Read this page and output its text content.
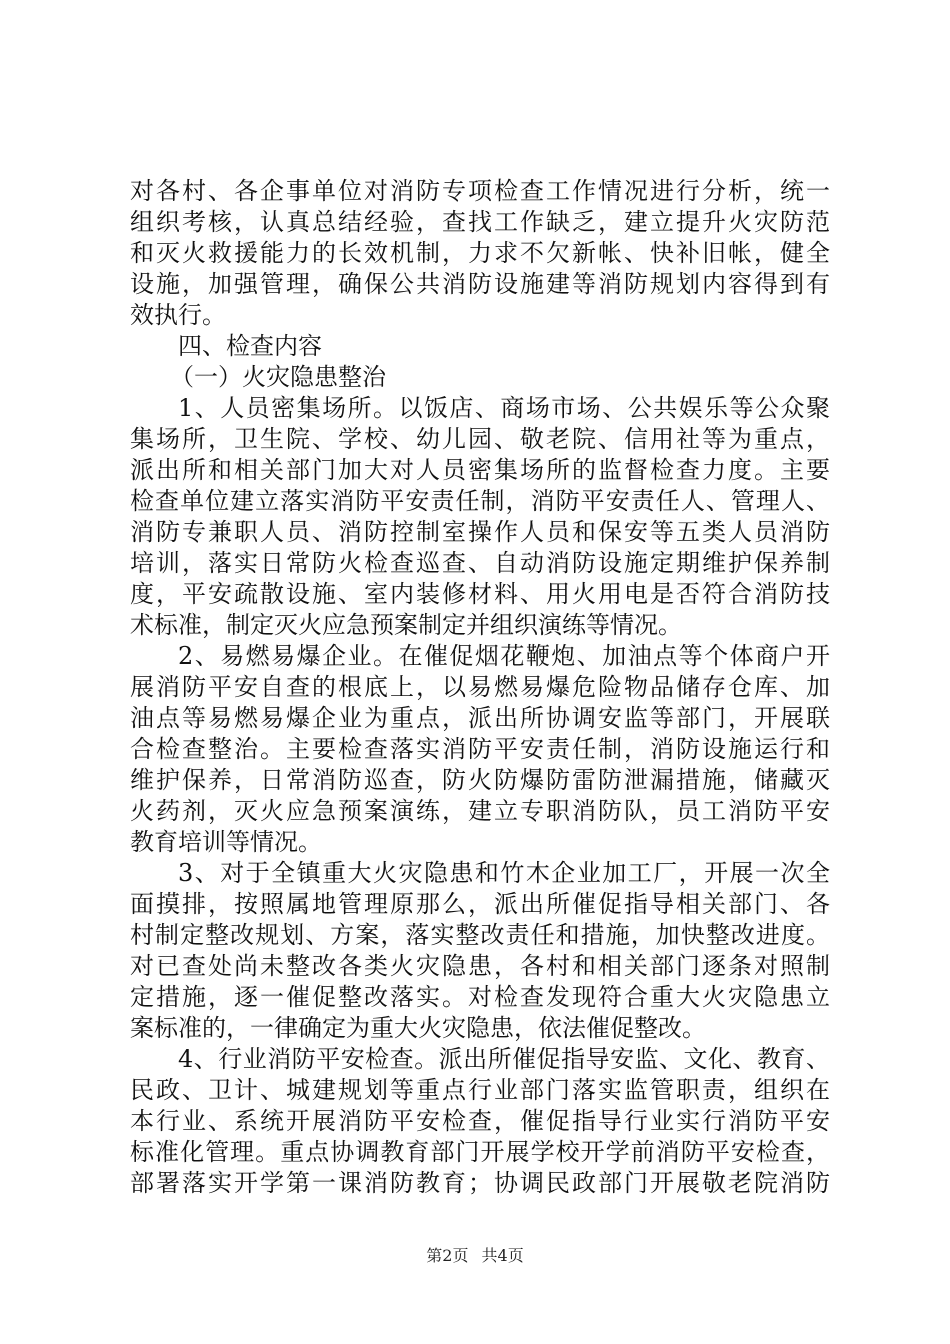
对各村、各企事单位对消防专项检查工作情况进行分析，统一
组织考核，认真总结经验，查找工作缺乏，建立提升火灾防范
和灭火救援能力的长效机制，力求不欠新帐、快补旧帐，健全
设施，加强管理，确保公共消防设施建等消防规划内容得到有
效执行。
四、检查内容
（一）火灾隐患整治
1、人员密集场所。以饭店、商场市场、公共娱乐等公众聚
集场所，卫生院、学校、幼儿园、敬老院、信用社等为重点，
派出所和相关部门加大对人员密集场所的监督检查力度。主要
检查单位建立落实消防平安责任制，消防平安责任人、管理人、
消防专兼职人员、消防控制室操作人员和保安等五类人员消防
培训，落实日常防火检查巡查、自动消防设施定期维护保养制
度，平安疏散设施、室内装修材料、用火用电是否符合消防技
术标准，制定灭火应急预案制定并组织演练等情况。
2、易燃易爆企业。在催促烟花鞭炮、加油点等个体商户开
展消防平安自查的根底上，以易燃易爆危险物品储存仓库、加
油点等易燃易爆企业为重点，派出所协调安监等部门，开展联
合检查整治。主要检查落实消防平安责任制，消防设施运行和
维护保养，日常消防巡查，防火防爆防雷防泄漏措施，储藏灭
火药剂，灭火应急预案演练，建立专职消防队，员工消防平安
教育培训等情况。
3、对于全镇重大火灾隐患和竹木企业加工厂，开展一次全
面摸排，按照属地管理原那么，派出所催促指导相关部门、各
村制定整改规划、方案，落实整改责任和措施，加快整改进度。
对已查处尚未整改各类火灾隐患，各村和相关部门逐条对照制
定措施，逐一催促整改落实。对检查发现符合重大火灾隐患立
案标准的，一律确定为重大火灾隐患，依法催促整改。
4、行业消防平安检查。派出所催促指导安监、文化、教育、
民政、卫计、城建规划等重点行业部门落实监管职责，组织在
本行业、系统开展消防平安检查，催促指导行业实行消防平安
标准化管理。重点协调教育部门开展学校开学前消防平安检查，
部署落实开学第一课消防教育；协调民政部门开展敬老院消防
第2页 共4页
